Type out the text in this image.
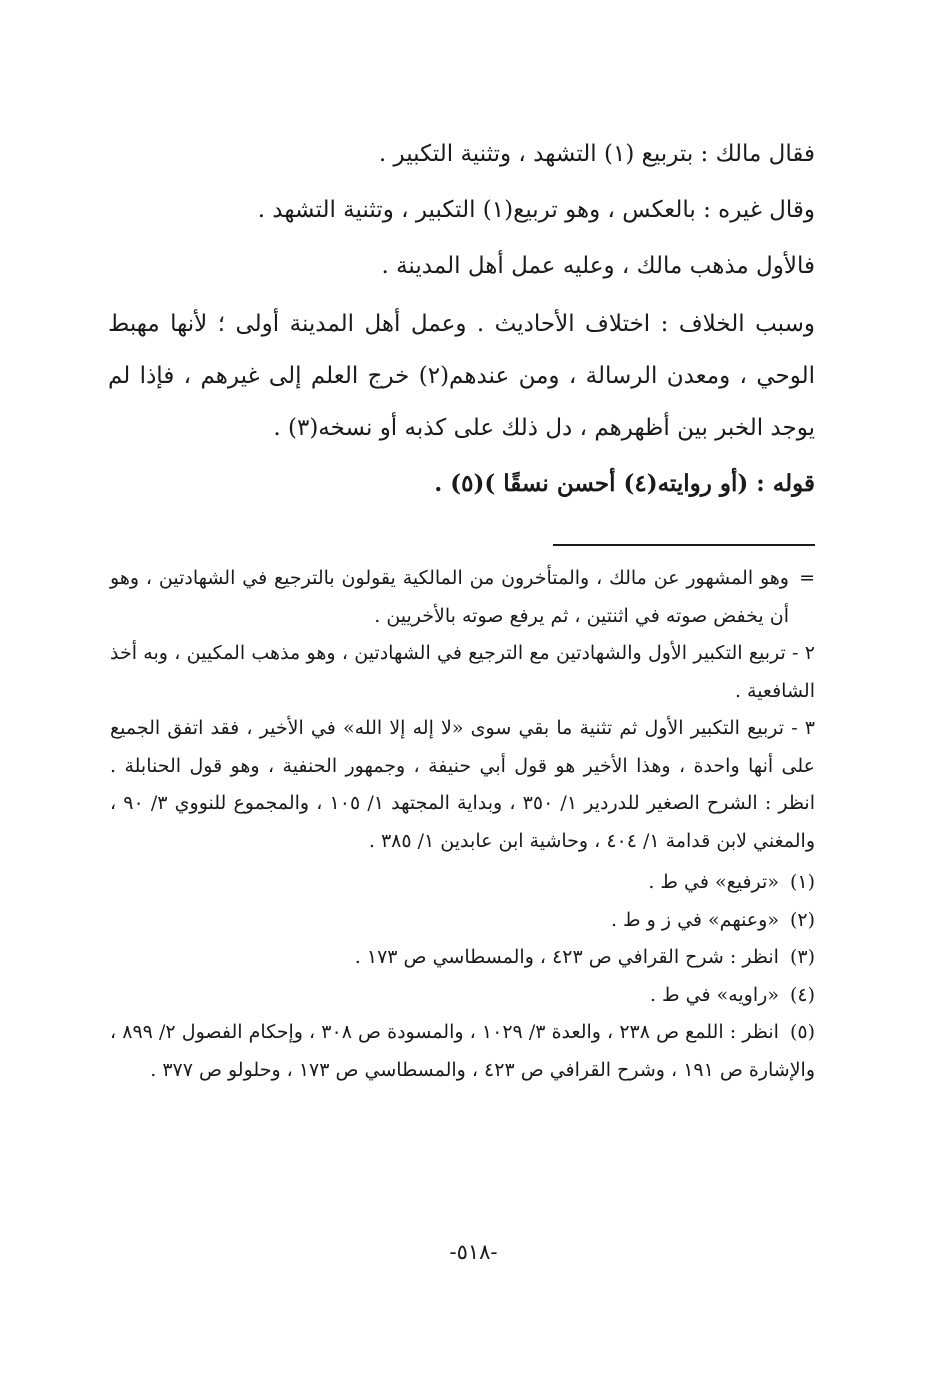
فقال مالك : بتربيع (١) التشهد ، وتثنية التكبير .

وقال غيره : بالعكس ، وهو تربيع(١) التكبير ، وتثنية التشهد .

فالأول مذهب مالك ، وعليه عمل أهل المدينة .

وسبب الخلاف : اختلاف الأحاديث . وعمل أهل المدينة أولى ؛ لأنها مهبط الوحي ، ومعدن الرسالة ، ومن عندهم(٢) خرج العلم إلى غيرهم ، فإذا لم يوجد الخبر بين أظهرهم ، دل ذلك على كذبه أو نسخه(٣) .

قوله : (أو روايته(٤) أحسن نسقًا )(٥) .

=
وهو المشهور عن مالك ، والمتأخرون من المالكية يقولون بالترجيع في الشهادتين ، وهو أن يخفض صوته في اثنتين ، ثم يرفع صوته بالأخريين .

٢ - تربيع التكبير الأول والشهادتين مع الترجيع في الشهادتين ، وهو مذهب المكيين ، وبه أخذ الشافعية .

٣ - تربيع التكبير الأول ثم تثنية ما بقي سوى «لا إله إلا الله» في الأخير ، فقد اتفق الجميع على أنها واحدة ، وهذا الأخير هو قول أبي حنيفة ، وجمهور الحنفية ، وهو قول الحنابلة . انظر : الشرح الصغير للدردير ١/ ٣٥٠ ، وبداية المجتهد ١/ ١٠٥ ، والمجموع للنووي ٣/ ٩٠ ، والمغني لابن قدامة ١/ ٤٠٤ ، وحاشية ابن عابدين ١/ ٣٨٥ .

(١) «ترفيع» في ط .

(٢) «وعنهم» في ز و ط .

(٣) انظر : شرح القرافي ص ٤٢٣ ، والمسطاسي ص ١٧٣ .

(٤) «راويه» في ط .

(٥) انظر : اللمع ص ٢٣٨ ، والعدة ٣/ ١٠٢٩ ، والمسودة ص ٣٠٨ ، وإحكام الفصول ٢/ ٨٩٩ ، والإشارة ص ١٩١ ، وشرح القرافي ص ٤٢٣ ، والمسطاسي ص ١٧٣ ، وحلولو ص ٣٧٧ .

-٥١٨-
